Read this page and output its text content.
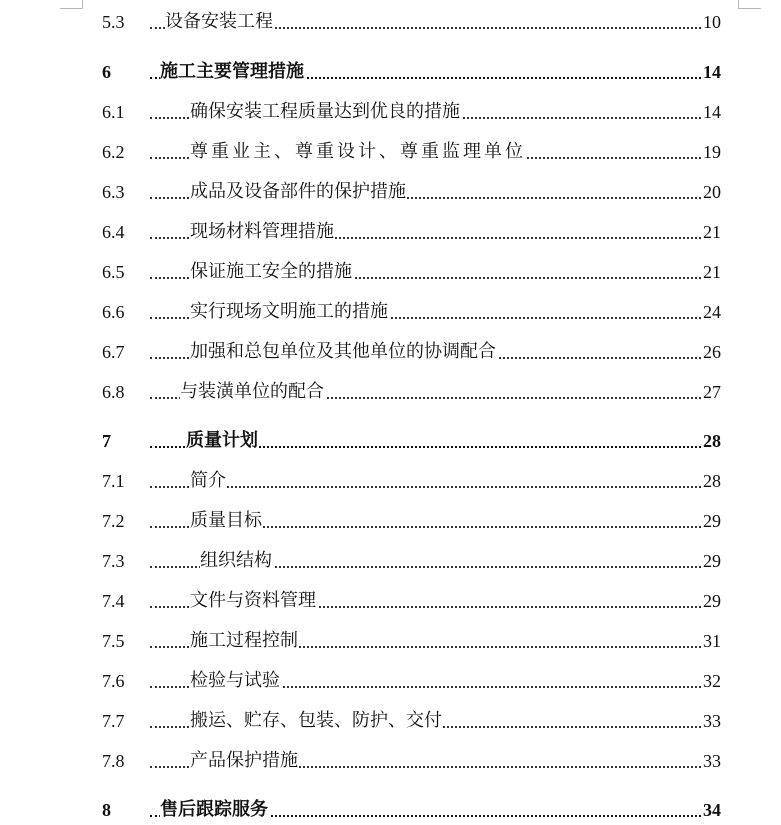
5.3 设备安装工程	10
6	施工主要管理措施	14
6.1	确保安装工程质量达到优良的措施	14
6.2	尊重业主、尊重设计、尊重监理单位	19
6.3	成品及设备部件的保护措施	20
6.4	现场材料管理措施	21
6.5	保证施工安全的措施	21
6.6	实行现场文明施工的措施	24
6.7	加强和总包单位及其他单位的协调配合	26
6.8	与装潢单位的配合	27
7	质量计划	28
7.1	简介	28
7.2	质量目标	29
7.3	组织结构	29
7.4	文件与资料管理	29
7.5	施工过程控制	31
7.6	检验与试验	32
7.7	搬运、贮存、包装、防护、交付	33
7.8	产品保护措施	33
8	售后跟踪服务	34
